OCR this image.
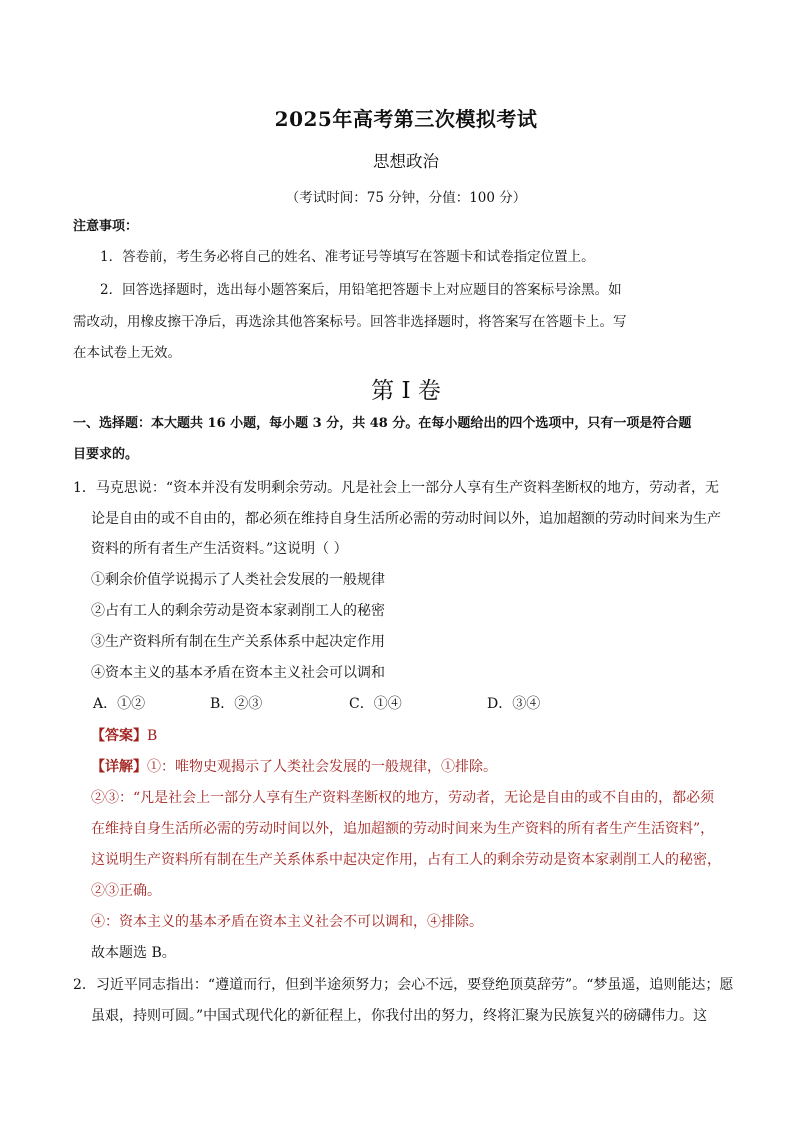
2025年高考第三次模拟考试
思想政治
（考试时间：75 分钟，分值：100 分）
注意事项：
1．答卷前，考生务必将自己的姓名、准考证号等填写在答题卡和试卷指定位置上。
2．回答选择题时，选出每小题答案后，用铅笔把答题卡上对应题目的答案标号涂黑。如
需改动，用橡皮擦干净后，再选涂其他答案标号。回答非选择题时，将答案写在答题卡上。写
在本试卷上无效。
第 I 卷
一、选择题：本大题共 16 小题，每小题 3 分，共 48 分。在每小题给出的四个选项中，只有一项是符合题
目要求的。
1．马克思说：“资本并没有发明剩余劳动。凡是社会上一部分人享有生产资料垄断权的地方，劳动者，无
论是自由的或不自由的，都必须在维持自身生活所必需的劳动时间以外，追加超额的劳动时间来为生产
资料的所有者生产生活资料。”这说明（ ）
①剩余价值学说揭示了人类社会发展的一般规律
②占有工人的剩余劳动是资本家剥削工人的秘密
③生产资料所有制在生产关系体系中起决定作用
④资本主义的基本矛盾在资本主义社会可以调和
A．①②	B．②③	C．①④	D．③④
【答案】B
【详解】①：唯物史观揭示了人类社会发展的一般规律，①排除。
②③：“凡是社会上一部分人享有生产资料垄断权的地方，劳动者，无论是自由的或不自由的，都必须
在维持自身生活所必需的劳动时间以外，追加超额的劳动时间来为生产资料的所有者生产生活资料”，
这说明生产资料所有制在生产关系体系中起决定作用，占有工人的剩余劳动是资本家剥削工人的秘密，
②③正确。
④：资本主义的基本矛盾在资本主义社会不可以调和，④排除。
故本题选 B。
2．习近平同志指出：“遵道而行，但到半途须努力；会心不远，要登绝顶莫辞劳”。“梦虽遥，追则能达；愿
虽艰，持则可圆。”中国式现代化的新征程上，你我付出的努力，终将汇聚为民族复兴的磅礴伟力。这
